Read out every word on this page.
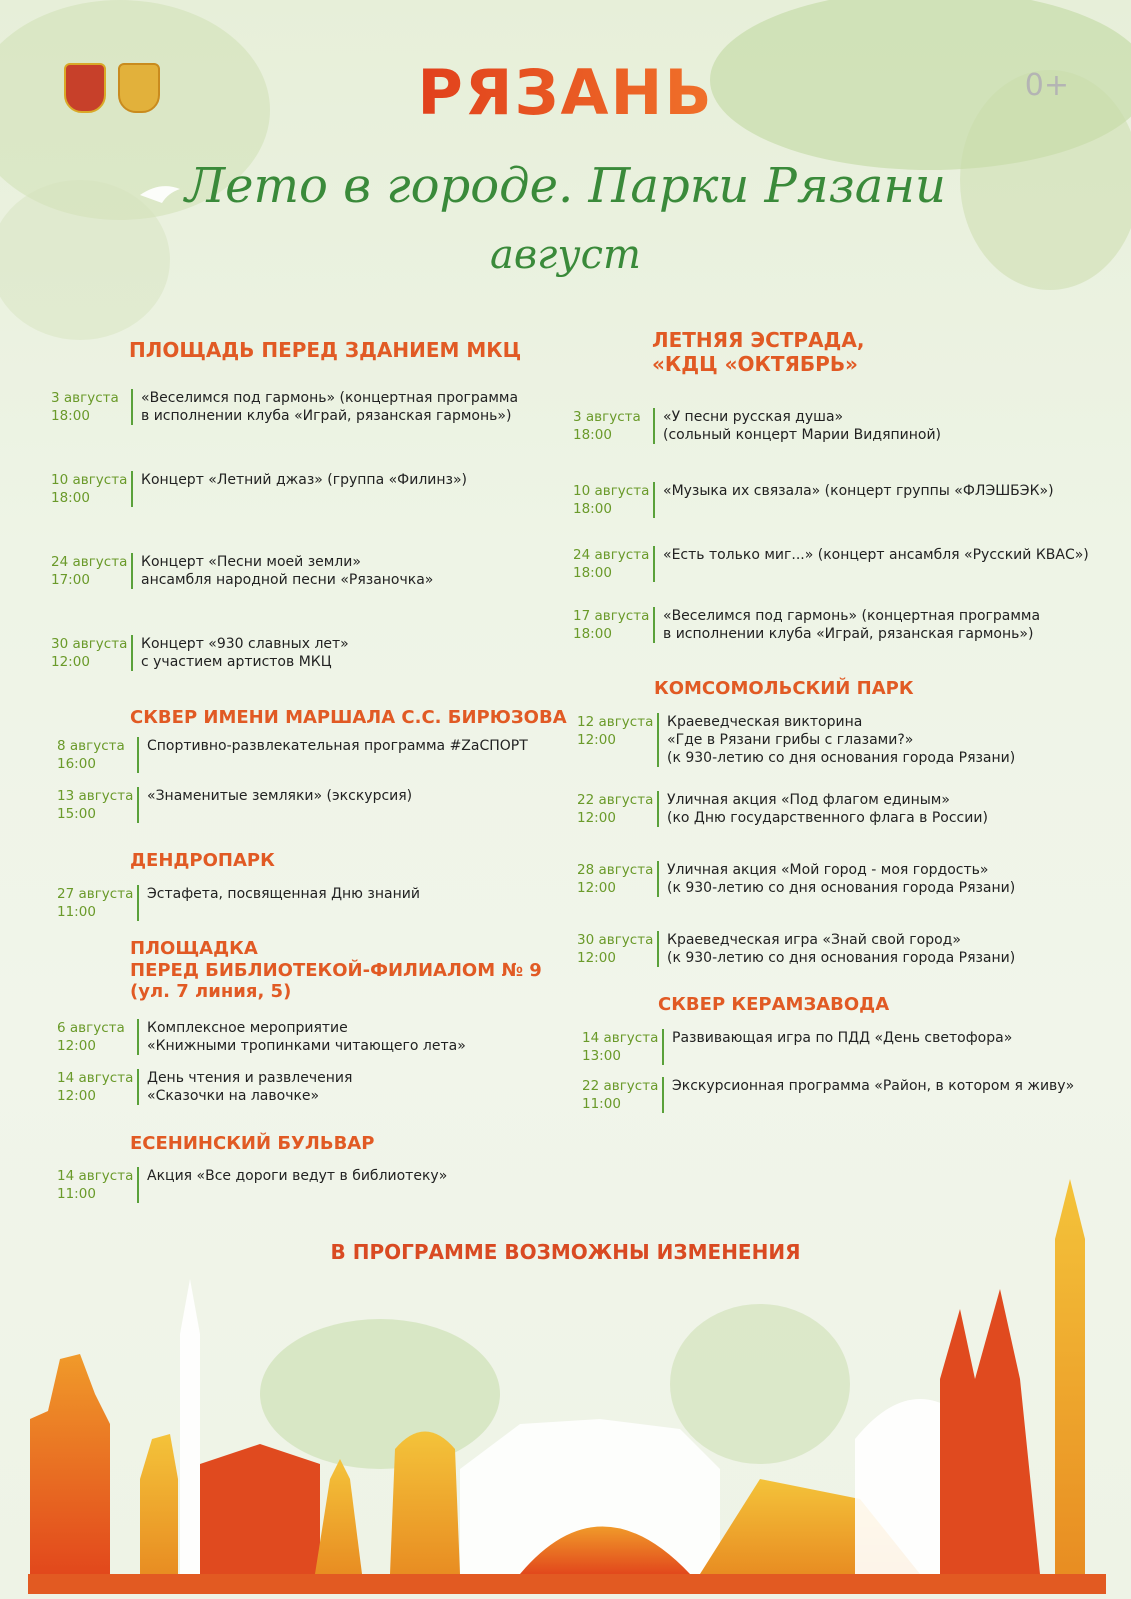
РЯЗАНЬ	0+
Лето в городе. Парки Рязани
август
ПЛОЩАДЬ ПЕРЕД ЗДАНИЕМ МКЦ
3 августа
18:00
«Веселимся под гармонь» (концертная программа
в исполнении клуба «Играй, рязанская гармонь»)
10 августа
18:00
Концерт «Летний джаз» (группа «Филинз»)
24 августа
17:00
Концерт «Песни моей земли»
ансамбля народной песни «Рязаночка»
30 августа
12:00
Концерт «930 славных лет»
с участием артистов МКЦ
СКВЕР ИМЕНИ МАРШАЛА С.С. БИРЮЗОВА
8 августа
16:00
Спортивно-развлекательная программа #ZaСПОРТ
13 августа
15:00
«Знаменитые земляки» (экскурсия)
ДЕНДРОПАРК
27 августа
11:00
Эстафета, посвященная Дню знаний
ПЛОЩАДКА
ПЕРЕД БИБЛИОТЕКОЙ-ФИЛИАЛОМ № 9
(ул. 7 линия, 5)
6 августа
12:00
Комплексное мероприятие
«Книжными тропинками читающего лета»
14 августа
12:00
День чтения и развлечения
«Сказочки на лавочке»
ЕСЕНИНСКИЙ БУЛЬВАР
14 августа
11:00
Акция «Все дороги ведут в библиотеку»
ЛЕТНЯЯ ЭСТРАДА,
«КДЦ «ОКТЯБРЬ»
3 августа
18:00
«У песни русская душа»
(сольный концерт Марии Видяпиной)
10 августа
18:00
«Музыка их связала» (концерт группы «ФЛЭШБЭК»)
24 августа
18:00
«Есть только миг...» (концерт ансамбля «Русский КВАС»)
17 августа
18:00
«Веселимся под гармонь» (концертная программа
в исполнении клуба «Играй, рязанская гармонь»)
КОМСОМОЛЬСКИЙ ПАРК
12 августа
12:00
Краеведческая викторина
«Где в Рязани грибы с глазами?»
(к 930-летию со дня основания города Рязани)
22 августа
12:00
Уличная акция «Под флагом единым»
(ко Дню государственного флага в России)
28 августа
12:00
Уличная акция «Мой город - моя гордость»
(к 930-летию со дня основания города Рязани)
30 августа
12:00
Краеведческая игра «Знай свой город»
(к 930-летию со дня основания города Рязани)
СКВЕР КЕРАМЗАВОДА
14 августа
13:00
Развивающая игра по ПДД «День светофора»
22 августа
11:00
Экскурсионная программа «Район, в котором я живу»
В ПРОГРАММЕ ВОЗМОЖНЫ ИЗМЕНЕНИЯ
